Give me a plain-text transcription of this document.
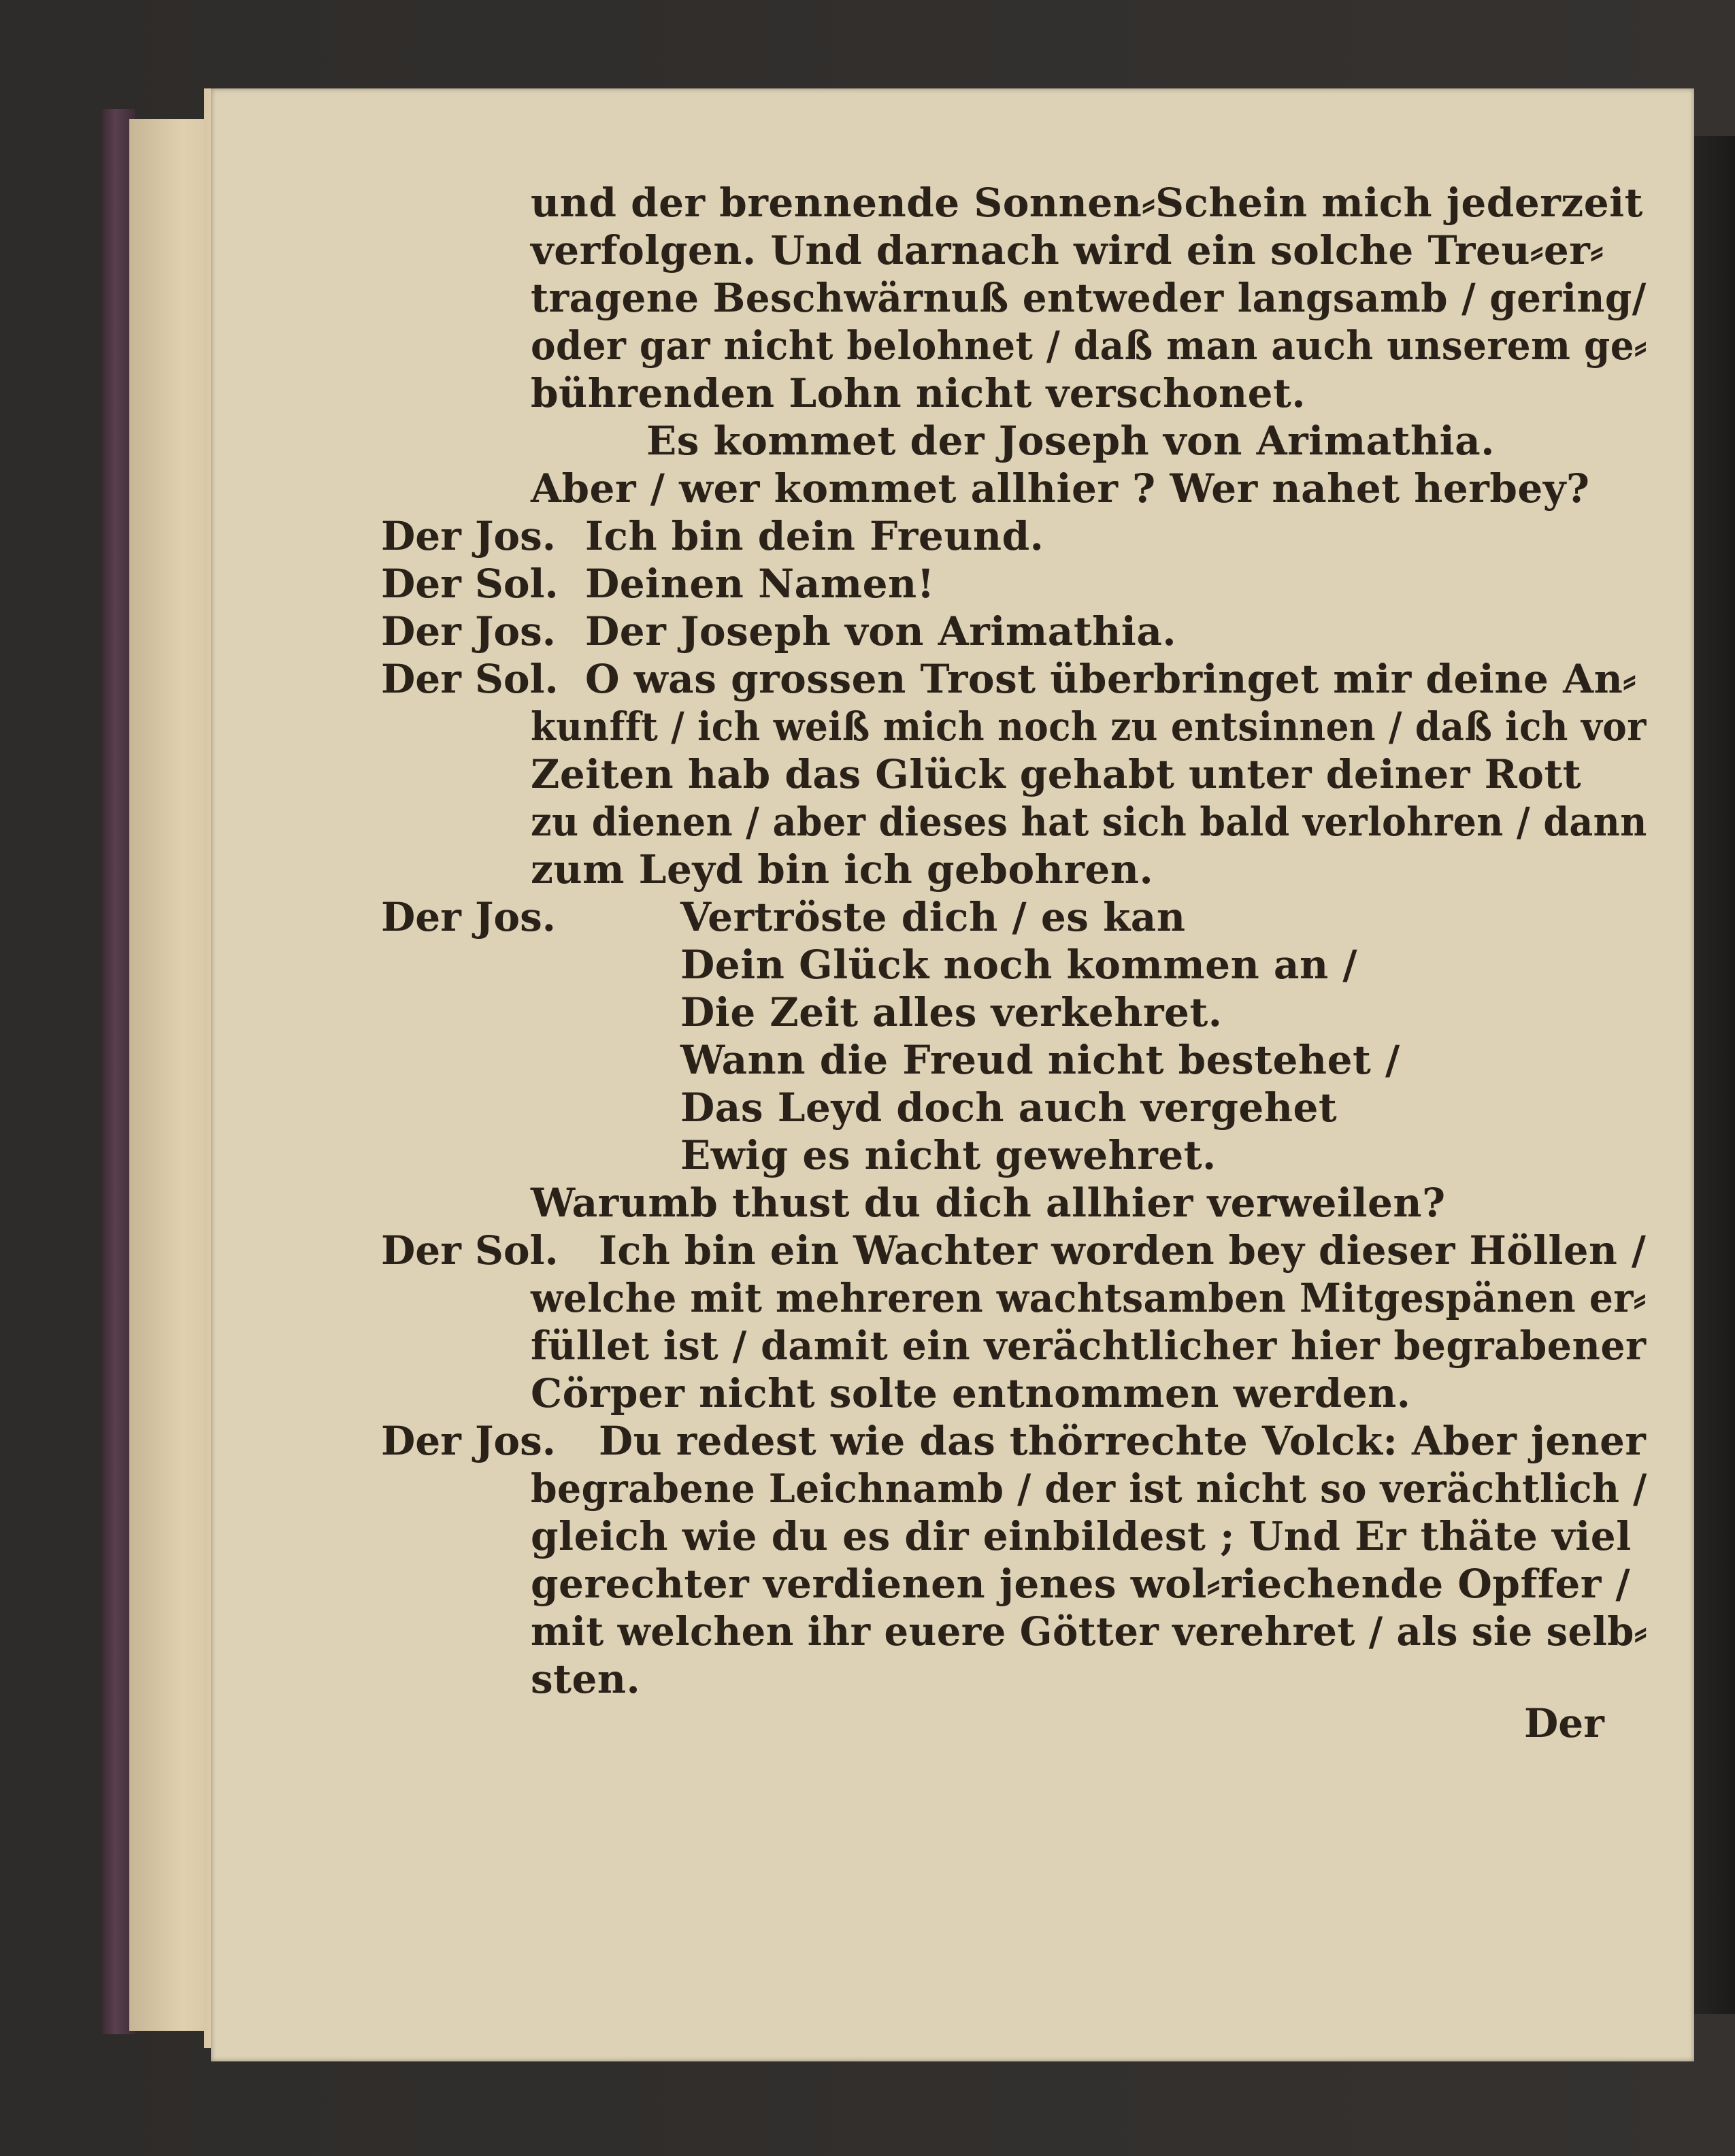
und der brennende Sonnen⸗Schein mich jederzeit
verfolgen. Und darnach wird ein solche Treu⸗er⸗
tragene Beschwärnuß entweder langsamb / gering/
oder gar nicht belohnet / daß man auch unserem ge⸗
bührenden Lohn nicht verschonet.
Es kommet der Joseph von Arimathia.
Aber / wer kommet allhier ? Wer nahet herbey?
Der Jos. Ich bin dein Freund.
Der Sol. Deinen Namen!
Der Jos. Der Joseph von Arimathia.
Der Sol. O was grossen Trost überbringet mir deine An⸗
kunfft / ich weiß mich noch zu entsinnen / daß ich vor
Zeiten hab das Glück gehabt unter deiner Rott
zu dienen / aber dieses hat sich bald verlohren / dann
zum Leyd bin ich gebohren.
Der Jos.	Vertröste dich / es kan
Dein Glück noch kommen an /
Die Zeit alles verkehret.
Wann die Freud nicht bestehet /
Das Leyd doch auch vergehet
Ewig es nicht gewehret.
Warumb thust du dich allhier verweilen?
Der Sol. Ich bin ein Wachter worden bey dieser Höllen /
welche mit mehreren wachtsamben Mitgespänen er⸗
füllet ist / damit ein verächtlicher hier begrabener
Cörper nicht solte entnommen werden.
Der Jos. Du redest wie das thörrechte Volck: Aber jener
begrabene Leichnamb / der ist nicht so verächtlich /
gleich wie du es dir einbildest ; Und Er thäte viel
gerechter verdienen jenes wol⸗riechende Opffer /
mit welchen ihr euere Götter verehret / als sie selb⸗
sten.
Der
